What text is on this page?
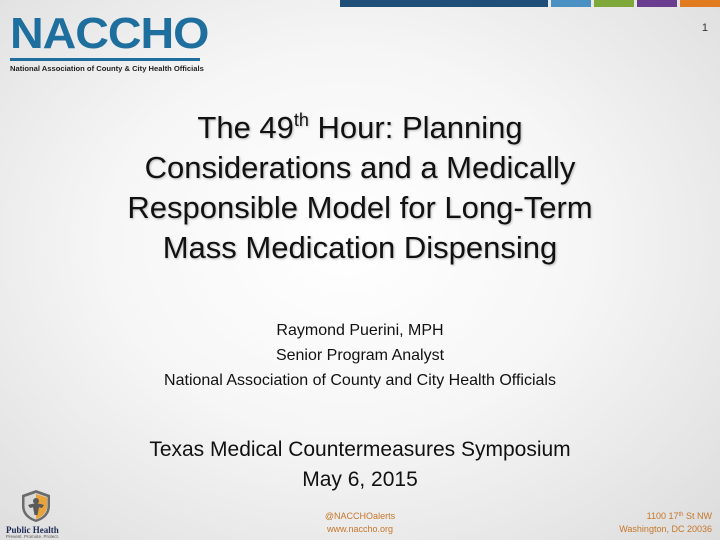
NACCHO
National Association of County & City Health Officials
1
The 49th Hour: Planning
Considerations and a Medically
Responsible Model for Long-Term
Mass Medication Dispensing
Raymond Puerini, MPH
Senior Program Analyst
National Association of County and City Health Officials
Texas Medical Countermeasures Symposium
May 6, 2015
Public Health
Prevent. Promote. Protect.
@NACCHOalerts
www.naccho.org
1100 17th St NW
Washington, DC 20036
